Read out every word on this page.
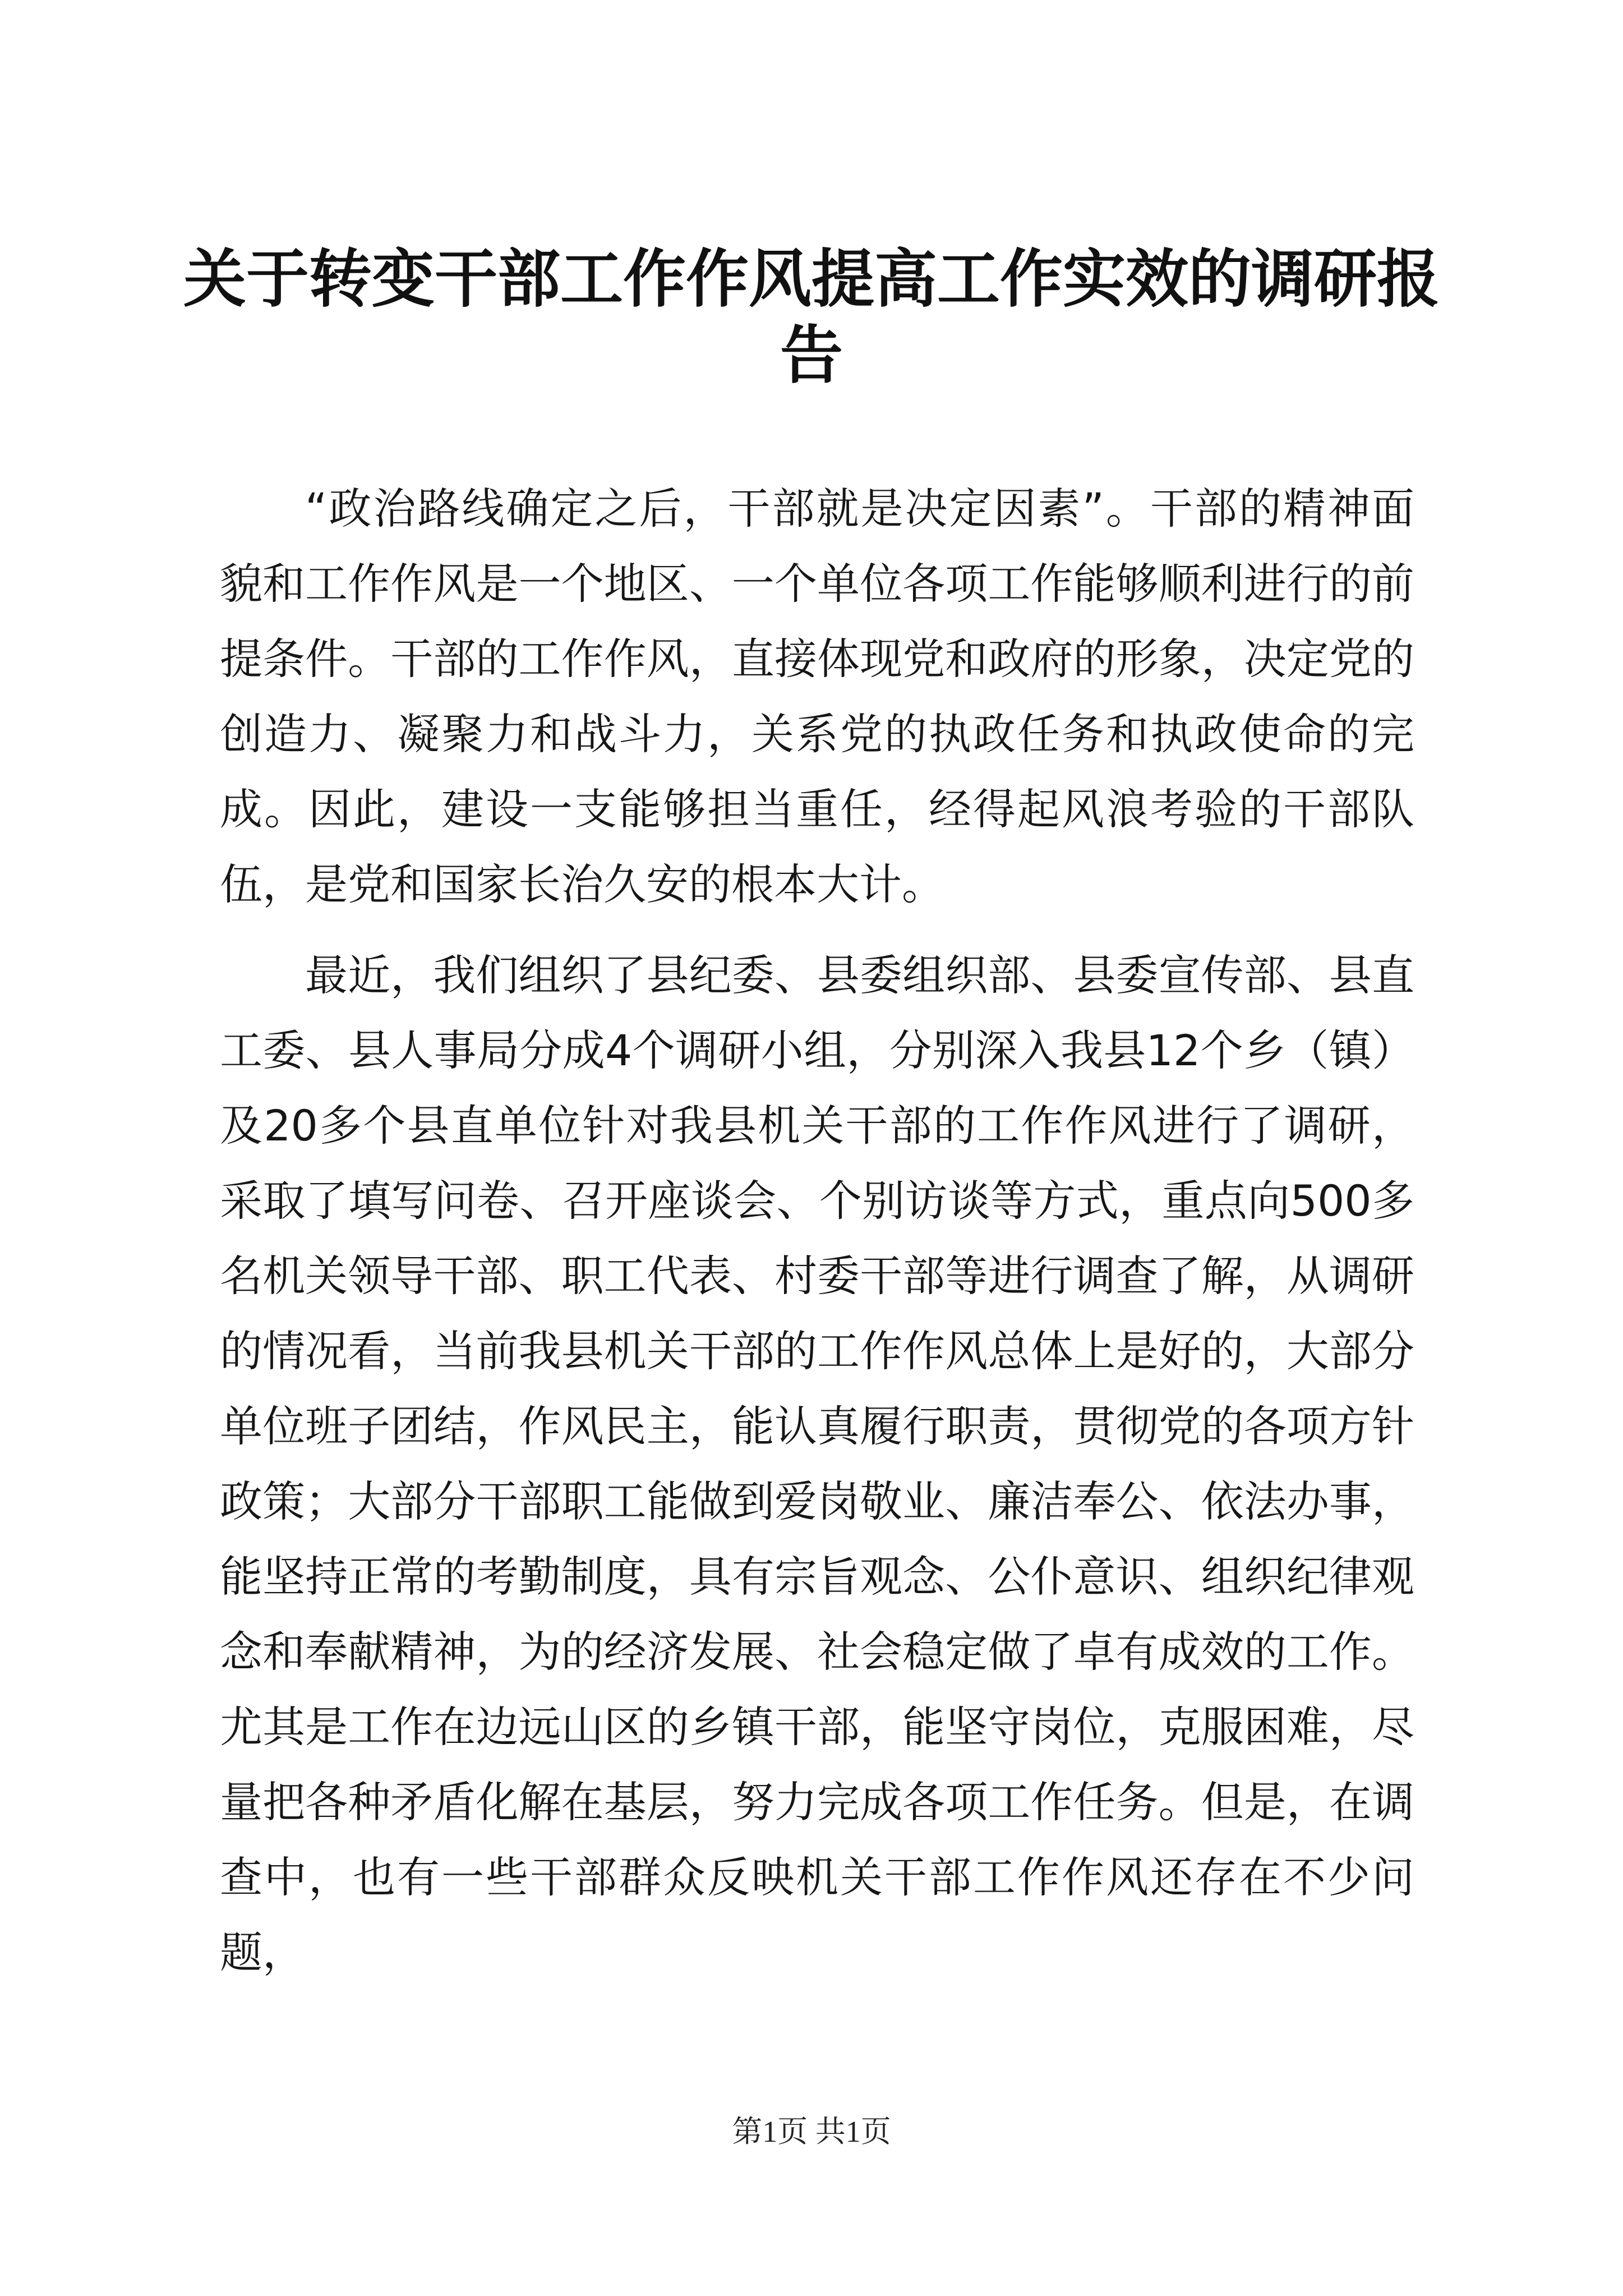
关于转变干部工作作风提高工作实效的调研报告

“政治路线确定之后，干部就是决定因素”。干部的精神面貌和工作作风是一个地区、一个单位各项工作能够顺利进行的前提条件。干部的工作作风，直接体现党和政府的形象，决定党的创造力、凝聚力和战斗力，关系党的执政任务和执政使命的完成。因此，建设一支能够担当重任，经得起风浪考验的干部队伍，是党和国家长治久安的根本大计。

最近，我们组织了县纪委、县委组织部、县委宣传部、县直工委、县人事局分成4个调研小组，分别深入我县12个乡（镇）及20多个县直单位针对我县机关干部的工作作风进行了调研，采取了填写问卷、召开座谈会、个别访谈等方式，重点向500多名机关领导干部、职工代表、村委干部等进行调查了解，从调研的情况看，当前我县机关干部的工作作风总体上是好的，大部分单位班子团结，作风民主，能认真履行职责，贯彻党的各项方针政策；大部分干部职工能做到爱岗敬业、廉洁奉公、依法办事，能坚持正常的考勤制度，具有宗旨观念、公仆意识、组织纪律观念和奉献精神，为的经济发展、社会稳定做了卓有成效的工作。尤其是工作在边远山区的乡镇干部，能坚守岗位，克服困难，尽量把各种矛盾化解在基层，努力完成各项工作任务。但是，在调查中，也有一些干部群众反映机关干部工作作风还存在不少问题，

第1页 共1页
